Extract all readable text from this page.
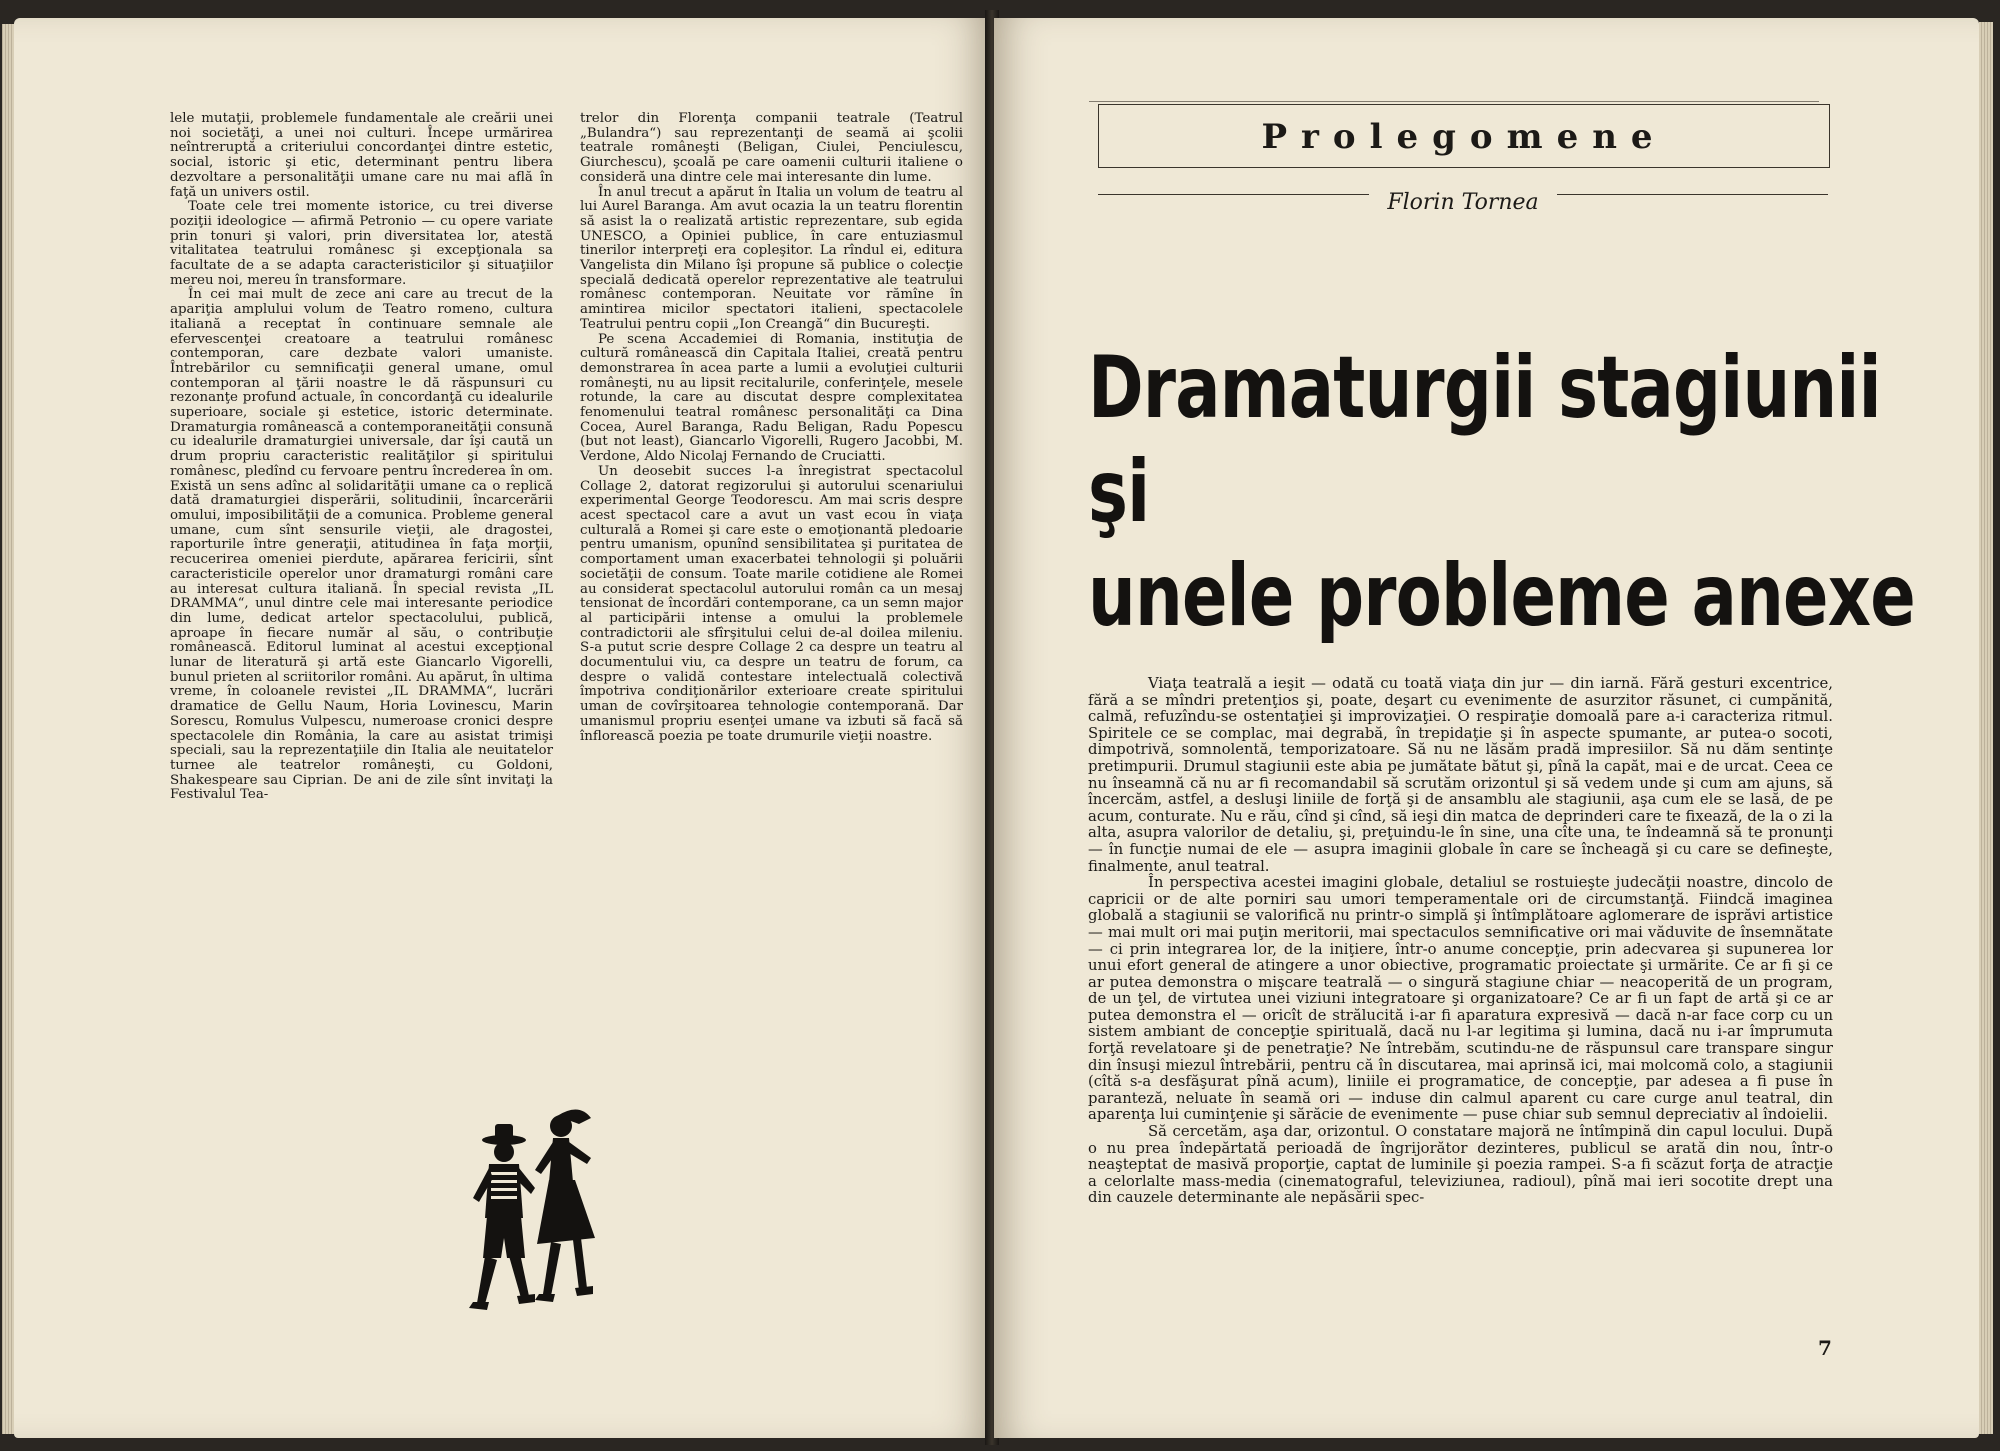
lele mutaţii, problemele fundamentale ale creării unei noi societăţi, a unei noi culturi. Începe urmărirea neîntreruptă a criteriului concordanţei dintre estetic, social, istoric şi etic, determinant pentru libera dezvoltare a personalităţii umane care nu mai află în faţă un univers ostil.

Toate cele trei momente istorice, cu trei diverse poziţii ideologice — afirmă Petronio — cu opere variate prin tonuri şi valori, prin diversitatea lor, atestă vitalitatea teatrului românesc şi excepţionala sa facultate de a se adapta caracteristicilor şi situaţiilor mereu noi, mereu în transformare.

În cei mai mult de zece ani care au trecut de la apariţia amplului volum de Teatro romeno, cultura italiană a receptat în continuare semnale ale efervescenţei creatoare a teatrului românesc contemporan, care dezbate valori umaniste. Întrebărilor cu semnificaţii general umane, omul contemporan al ţării noastre le dă răspunsuri cu rezonanţe profund actuale, în concordanţă cu idealurile superioare, sociale şi estetice, istoric determinate. Dramaturgia românească a contemporaneităţii consună cu idealurile dramaturgiei universale, dar îşi caută un drum propriu caracteristic realităţilor şi spiritului românesc, pledînd cu fervoare pentru încrederea în om. Există un sens adînc al solidarităţii umane ca o replică dată dramaturgiei disperării, solitudinii, încarcerării omului, imposibilităţii de a comunica. Probleme general umane, cum sînt sensurile vieţii, ale dragostei, raporturile între generaţii, atitudinea în faţa morţii, recucerirea omeniei pierdute, apărarea fericirii, sînt caracteristicile operelor unor dramaturgi români care au interesat cultura italiană. În special revista „IL DRAMMA“, unul dintre cele mai interesante periodice din lume, dedicat artelor spectacolului, publică, aproape în fiecare număr al său, o contribuţie românească. Editorul luminat al acestui excepţional lunar de literatură şi artă este Giancarlo Vigorelli, bunul prieten al scriitorilor români. Au apărut, în ultima vreme, în coloanele revistei „IL DRAMMA“, lucrări dramatice de Gellu Naum, Horia Lovinescu, Marin Sorescu, Romulus Vulpescu, numeroase cronici despre spectacolele din România, la care au asistat trimişi speciali, sau la reprezentaţiile din Italia ale neuitatelor turnee ale teatrelor româneşti, cu Goldoni, Shakespeare sau Ciprian. De ani de zile sînt invitaţi la Festivalul Tea-

trelor din Florenţa companii teatrale (Teatrul „Bulandra“) sau reprezentanţi de seamă ai şcolii teatrale româneşti (Beligan, Ciulei, Penciulescu, Giurchescu), şcoală pe care oamenii culturii italiene o consideră una dintre cele mai interesante din lume.

În anul trecut a apărut în Italia un volum de teatru al lui Aurel Baranga. Am avut ocazia la un teatru florentin să asist la o realizată artistic reprezentare, sub egida UNESCO, a Opiniei publice, în care entuziasmul tinerilor interpreţi era copleşitor. La rîndul ei, editura Vangelista din Milano îşi propune să publice o colecţie specială dedicată operelor reprezentative ale teatrului românesc contemporan. Neuitate vor rămîne în amintirea micilor spectatori italieni, spectacolele Teatrului pentru copii „Ion Creangă“ din Bucureşti.

Pe scena Accademiei di Romania, instituţia de cultură românească din Capitala Italiei, creată pentru demonstrarea în acea parte a lumii a evoluţiei culturii româneşti, nu au lipsit recitalurile, conferinţele, mesele rotunde, la care au discutat despre complexitatea fenomenului teatral românesc personalităţi ca Dina Cocea, Aurel Baranga, Radu Beligan, Radu Popescu (but not least), Giancarlo Vigorelli, Rugero Jacobbi, M. Verdone, Aldo Nicolaj Fernando de Cruciatti.

Un deosebit succes l-a înregistrat spectacolul Collage 2, datorat regizorului şi autorului scenariului experimental George Teodorescu. Am mai scris despre acest spectacol care a avut un vast ecou în viaţa culturală a Romei şi care este o emoţionantă pledoarie pentru umanism, opunînd sensibilitatea şi puritatea de comportament uman exacerbatei tehnologii şi poluării societăţii de consum. Toate marile cotidiene ale Romei au considerat spectacolul autorului român ca un mesaj tensionat de încordări contemporane, ca un semn major al participării intense a omului la problemele contradictorii ale sfîrşitului celui de-al doilea mileniu. S-a putut scrie despre Collage 2 ca despre un teatru al documentului viu, ca despre un teatru de forum, ca despre o validă contestare intelectuală colectivă împotriva condiţionărilor exterioare create spiritului uman de covîrşitoarea tehnologie contemporană. Dar umanismul propriu esenţei umane va izbuti să facă să înflorească poezia pe toate drumurile vieţii noastre.

Prolegomene
Florin Tornea
Dramaturgii stagiunii
şi
unele probleme anexe

Viaţa teatrală a ieşit — odată cu toată viaţa din jur — din iarnă. Fără gesturi excentrice, fără a se mîndri pretenţios şi, poate, deşart cu evenimente de asurzitor răsunet, ci cumpănită, calmă, refuzîndu-se ostentaţiei şi improvizaţiei. O respiraţie domoală pare a-i caracteriza ritmul. Spiritele ce se complac, mai degrabă, în trepidaţie şi în aspecte spumante, ar putea-o socoti, dimpotrivă, somnolentă, temporizatoare. Să nu ne lăsăm pradă impresiilor. Să nu dăm sentinţe pretimpurii. Drumul stagiunii este abia pe jumătate bătut şi, pînă la capăt, mai e de urcat. Ceea ce nu înseamnă că nu ar fi recomandabil să scrutăm orizontul şi să vedem unde şi cum am ajuns, să încercăm, astfel, a desluşi liniile de forţă şi de ansamblu ale stagiunii, aşa cum ele se lasă, de pe acum, conturate. Nu e rău, cînd şi cînd, să ieşi din matca de deprinderi care te fixează, de la o zi la alta, asupra valorilor de detaliu, şi, preţuindu-le în sine, una cîte una, te îndeamnă să te pronunţi — în funcţie numai de ele — asupra imaginii globale în care se încheagă şi cu care se defineşte, finalmente, anul teatral.

În perspectiva acestei imagini globale, detaliul se rostuieşte judecăţii noastre, dincolo de capricii or de alte porniri sau umori temperamentale ori de circumstanţă. Fiindcă imaginea globală a stagiunii se valorifică nu printr-o simplă şi întîmplătoare aglomerare de isprăvi artistice — mai mult ori mai puţin meritorii, mai spectaculos semnificative ori mai văduvite de însemnătate — ci prin integrarea lor, de la iniţiere, într-o anume concepţie, prin adecvarea şi supunerea lor unui efort general de atingere a unor obiective, programatic proiectate şi urmărite. Ce ar fi şi ce ar putea demonstra o mişcare teatrală — o singură stagiune chiar — neacoperită de un program, de un ţel, de virtutea unei viziuni integratoare şi organizatoare? Ce ar fi un fapt de artă şi ce ar putea demonstra el — oricît de strălucită i-ar fi aparatura expresivă — dacă n-ar face corp cu un sistem ambiant de concepţie spirituală, dacă nu l-ar legitima şi lumina, dacă nu i-ar împrumuta forţă revelatoare şi de penetraţie? Ne întrebăm, scutindu-ne de răspunsul care transpare singur din însuşi miezul întrebării, pentru că în discutarea, mai aprinsă ici, mai molcomă colo, a stagiunii (cîtă s-a desfăşurat pînă acum), liniile ei programatice, de concepţie, par adesea a fi puse în paranteză, neluate în seamă ori — induse din calmul aparent cu care curge anul teatral, din aparenţa lui cuminţenie şi sărăcie de evenimente — puse chiar sub semnul depreciativ al îndoielii.

Să cercetăm, aşa dar, orizontul. O constatare majoră ne întîmpină din capul locului. După o nu prea îndepărtată perioadă de îngrijorător dezinteres, publicul se arată din nou, într-o neaşteptat de masivă proporţie, captat de luminile şi poezia rampei. S-a fi scăzut forţa de atracţie a celorlalte mass-media (cinematograful, televiziunea, radioul), pînă mai ieri socotite drept una din cauzele determinante ale nepăsării spec-

7
